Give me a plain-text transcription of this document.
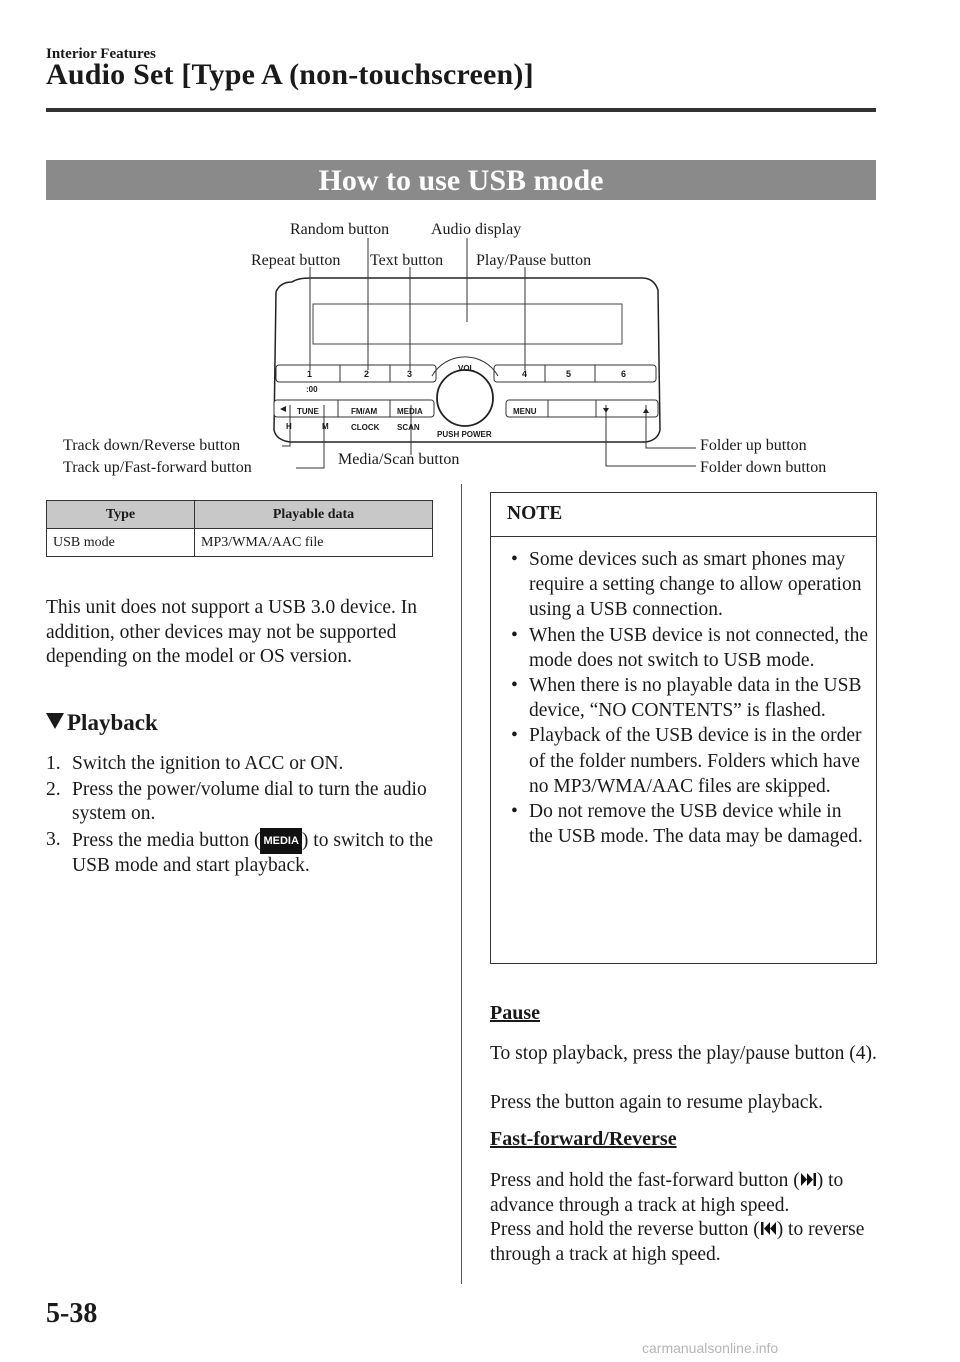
Interior Features
Audio Set [Type A (non-touchscreen)]
How to use USB mode
1	2	3	4	5	6
:00
VOL
TUNE	FM/AM MEDIA	MENU
H	M	CLOCK SCAN
PUSH POWER
Random button	Audio display
Repeat button Text button Play/Pause button
Track down/Reverse button
Track up/Fast-forward button	Media/Scan button
Folder up button
Folder down button
Type	Playable data
USB mode	MP3/WMA/AAC file
This unit does not support a USB 3.0 device. In addition, other devices may not be supported depending on the model or OS version.
Playback
1. Switch the ignition to ACC or ON.
2. Press the power/volume dial to turn the audio system on.
3. Press the media button ( MEDIA ) to switch to the USB mode and start playback.
NOTE
• Some devices such as smart phones may require a setting change to allow operation using a USB connection.
• When the USB device is not connected, the mode does not switch to USB mode.
• When there is no playable data in the USB device, “NO CONTENTS” is flashed.
• Playback of the USB device is in the order of the folder numbers. Folders which have no MP3/WMA/AAC files are skipped.
• Do not remove the USB device while in the USB mode. The data may be damaged.
Pause
To stop playback, press the play/pause button (4).
Press the button again to resume playback.
Fast-forward/Reverse
Press and hold the fast-forward button ( ) to advance through a track at high speed.
Press and hold the reverse button ( ) to reverse through a track at high speed.
5-38
carmanualsonline.info
